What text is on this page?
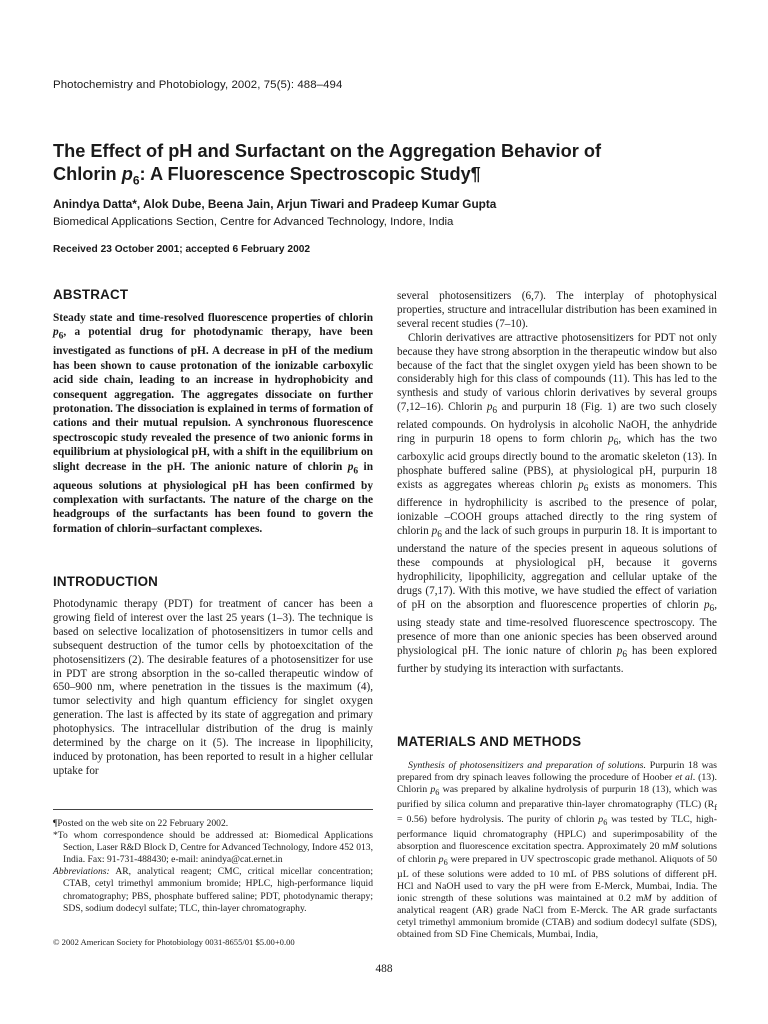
Photochemistry and Photobiology, 2002, 75(5): 488–494
The Effect of pH and Surfactant on the Aggregation Behavior of
Chlorin $p_6$: A Fluorescence Spectroscopic Study¶
Anindya Datta*, Alok Dube, Beena Jain, Arjun Tiwari and Pradeep Kumar Gupta
Biomedical Applications Section, Centre for Advanced Technology, Indore, India
Received 23 October 2001; accepted 6 February 2002
ABSTRACT
Steady state and time-resolved fluorescence properties of chlorin $p_6$, a potential drug for photodynamic therapy, have been investigated as functions of pH. A decrease in pH of the medium has been shown to cause protonation of the ionizable carboxylic acid side chain, leading to an increase in hydrophobicity and consequent aggregation. The aggregates dissociate on further protonation. The dissociation is explained in terms of formation of cations and their mutual repulsion. A synchronous fluorescence spectroscopic study revealed the presence of two anionic forms in equilibrium at physiological pH, with a shift in the equilibrium on slight decrease in the pH. The anionic nature of chlorin $p_6$ in aqueous solutions at physiological pH has been confirmed by complexation with surfactants. The nature of the charge on the headgroups of the surfactants has been found to govern the formation of chlorin–surfactant complexes.
INTRODUCTION

Photodynamic therapy (PDT) for treatment of cancer has been a growing field of interest over the last 25 years (1–3). The technique is based on selective localization of photosensitizers in tumor cells and subsequent destruction of the tumor cells by photoexcitation of the photosensitizers (2). The desirable features of a photosensitizer for use in PDT are strong absorption in the so-called therapeutic window of 650–900 nm, where penetration in the tissues is the maximum (4), tumor selectivity and high quantum efficiency for singlet oxygen generation. The last is affected by its state of aggregation and primary photophysics. The intracellular distribution of the drug is mainly determined by the charge on it (5). The increase in lipophilicity, induced by protonation, has been reported to result in a higher cellular uptake for

¶Posted on the web site on 22 February 2002.

*To whom correspondence should be addressed at: Biomedical Applications Section, Laser R&D Block D, Centre for Advanced Technology, Indore 452 013, India. Fax: 91-731-488430; e-mail: anindya@cat.ernet.in

Abbreviations: AR, analytical reagent; CMC, critical micellar concentration; CTAB, cetyl trimethyl ammonium bromide; HPLC, high-performance liquid chromatography; PBS, phosphate buffered saline; PDT, photodynamic therapy; SDS, sodium dodecyl sulfate; TLC, thin-layer chromatography.

© 2002 American Society for Photobiology 0031-8655/01 $5.00+0.00

several photosensitizers (6,7). The interplay of photophysical properties, structure and intracellular distribution has been examined in several recent studies (7–10).

Chlorin derivatives are attractive photosensitizers for PDT not only because they have strong absorption in the therapeutic window but also because of the fact that the singlet oxygen yield has been shown to be considerably high for this class of compounds (11). This has led to the synthesis and study of various chlorin derivatives by several groups (7,12–16). Chlorin $p_6$ and purpurin 18 (Fig. 1) are two such closely related compounds. On hydrolysis in alcoholic NaOH, the anhydride ring in purpurin 18 opens to form chlorin $p_6$, which has the two carboxylic acid groups directly bound to the aromatic skeleton (13). In phosphate buffered saline (PBS), at physiological pH, purpurin 18 exists as aggregates whereas chlorin $p_6$ exists as monomers. This difference in hydrophilicity is ascribed to the presence of polar, ionizable –COOH groups attached directly to the ring system of chlorin $p_6$ and the lack of such groups in purpurin 18. It is important to understand the nature of the species present in aqueous solutions of these compounds at physiological pH, because it governs hydrophilicity, lipophilicity, aggregation and cellular uptake of the drugs (7,17). With this motive, we have studied the effect of variation of pH on the absorption and fluorescence properties of chlorin $p_6$, using steady state and time-resolved fluorescence spectroscopy. The presence of more than one anionic species has been observed around physiological pH. The ionic nature of chlorin $p_6$ has been explored further by studying its interaction with surfactants.

MATERIALS AND METHODS

Synthesis of photosensitizers and preparation of solutions. Purpurin 18 was prepared from dry spinach leaves following the procedure of Hoober et al. (13). Chlorin $p_6$ was prepared by alkaline hydrolysis of purpurin 18 (13), which was purified by silica column and preparative thin-layer chromatography (TLC) $(R_f = 0.56)$ before hydrolysis. The purity of chlorin $p_6$ was tested by TLC, high-performance liquid chromatography (HPLC) and superimposability of the absorption and fluorescence excitation spectra. Approximately 20 mM solutions of chlorin $p_6$ were prepared in UV spectroscopic grade methanol. Aliquots of 50 µL of these solutions were added to 10 mL of PBS solutions of different pH. HCl and NaOH used to vary the pH were from E-Merck, Mumbai, India. The ionic strength of these solutions was maintained at 0.2 mM by addition of analytical reagent (AR) grade NaCl from E-Merck. The AR grade surfactants cetyl trimethyl ammonium bromide (CTAB) and sodium dodecyl sulfate (SDS), obtained from SD Fine Chemicals, Mumbai, India,

488
